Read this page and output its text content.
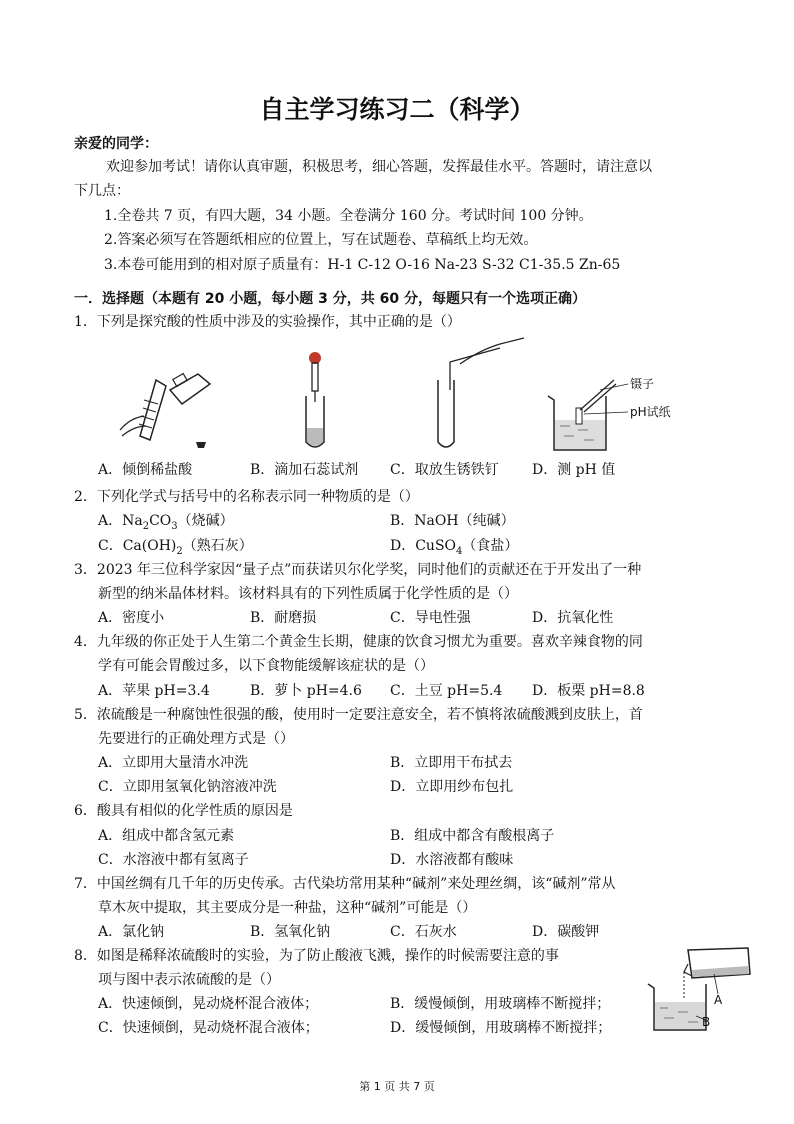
自主学习练习二（科学）
亲爱的同学：
欢迎参加考试！请你认真审题，积极思考，细心答题，发挥最佳水平。答题时，请注意以
下几点：
1.全卷共 7 页，有四大题，34 小题。全卷满分 160 分。考试时间 100 分钟。
2.答案必须写在答题纸相应的位置上，写在试题卷、草稿纸上均无效。
3.本卷可能用到的相对原子质量有：H-1 C-12 O-16 Na-23 S-32 C1-35.5 Zn-65
一．选择题（本题有 20 小题，每小题 3 分，共 60 分，每题只有一个选项正确）
1．下列是探究酸的性质中涉及的实验操作，其中正确的是（）
镊子
pH试纸
A．倾倒稀盐酸	B．滴加石蕊试剂 C．取放生锈铁钉 D．测 pH 值
2．下列化学式与括号中的名称表示同一种物质的是（）
A．$Na_2CO_3$（烧碱）	B．NaOH（纯碱）
C．$Ca(OH)_2$（熟石灰）	D．CuSO$_4$（食盐）
3．2023 年三位科学家因“量子点”而获诺贝尔化学奖，同时他们的贡献还在于开发出了一种
新型的纳米晶体材料。该材料具有的下列性质属于化学性质的是（）
A．密度小	B．耐磨损	C．导电性强	D．抗氧化性
4．九年级的你正处于人生第二个黄金生长期，健康的饮食习惯尤为重要。喜欢辛辣食物的同
学有可能会胃酸过多，以下食物能缓解该症状的是（）
A．苹果 pH=3.4	B．萝卜 pH=4.6 C．土豆 pH=5.4 D．板栗 pH=8.8
5．浓硫酸是一种腐蚀性很强的酸，使用时一定要注意安全，若不慎将浓硫酸溅到皮肤上，首
先要进行的正确处理方式是（）
A．立即用大量清水冲洗	B．立即用干布拭去
C．立即用氢氧化钠溶液冲洗	D．立即用纱布包扎
6．酸具有相似的化学性质的原因是
A．组成中都含氢元素	B．组成中都含有酸根离子
C．水溶液中都有氢离子	D．水溶液都有酸味
7．中国丝绸有几千年的历史传承。古代染坊常用某种“碱剂”来处理丝绸，该“碱剂”常从
草木灰中提取，其主要成分是一种盐，这种“碱剂”可能是（）
A．氯化钠	B．氢氧化钠	C．石灰水	D．碳酸钾
8．如图是稀释浓硫酸时的实验，为了防止酸液飞溅，操作的时候需要注意的事
项与图中表示浓硫酸的是（）
A．快速倾倒，晃动烧杯混合液体；	B．缓慢倾倒，用玻璃棒不断搅拌；
C．快速倾倒，晃动烧杯混合液体；	D．缓慢倾倒，用玻璃棒不断搅拌；
A
B
第 1 页 共 7 页
